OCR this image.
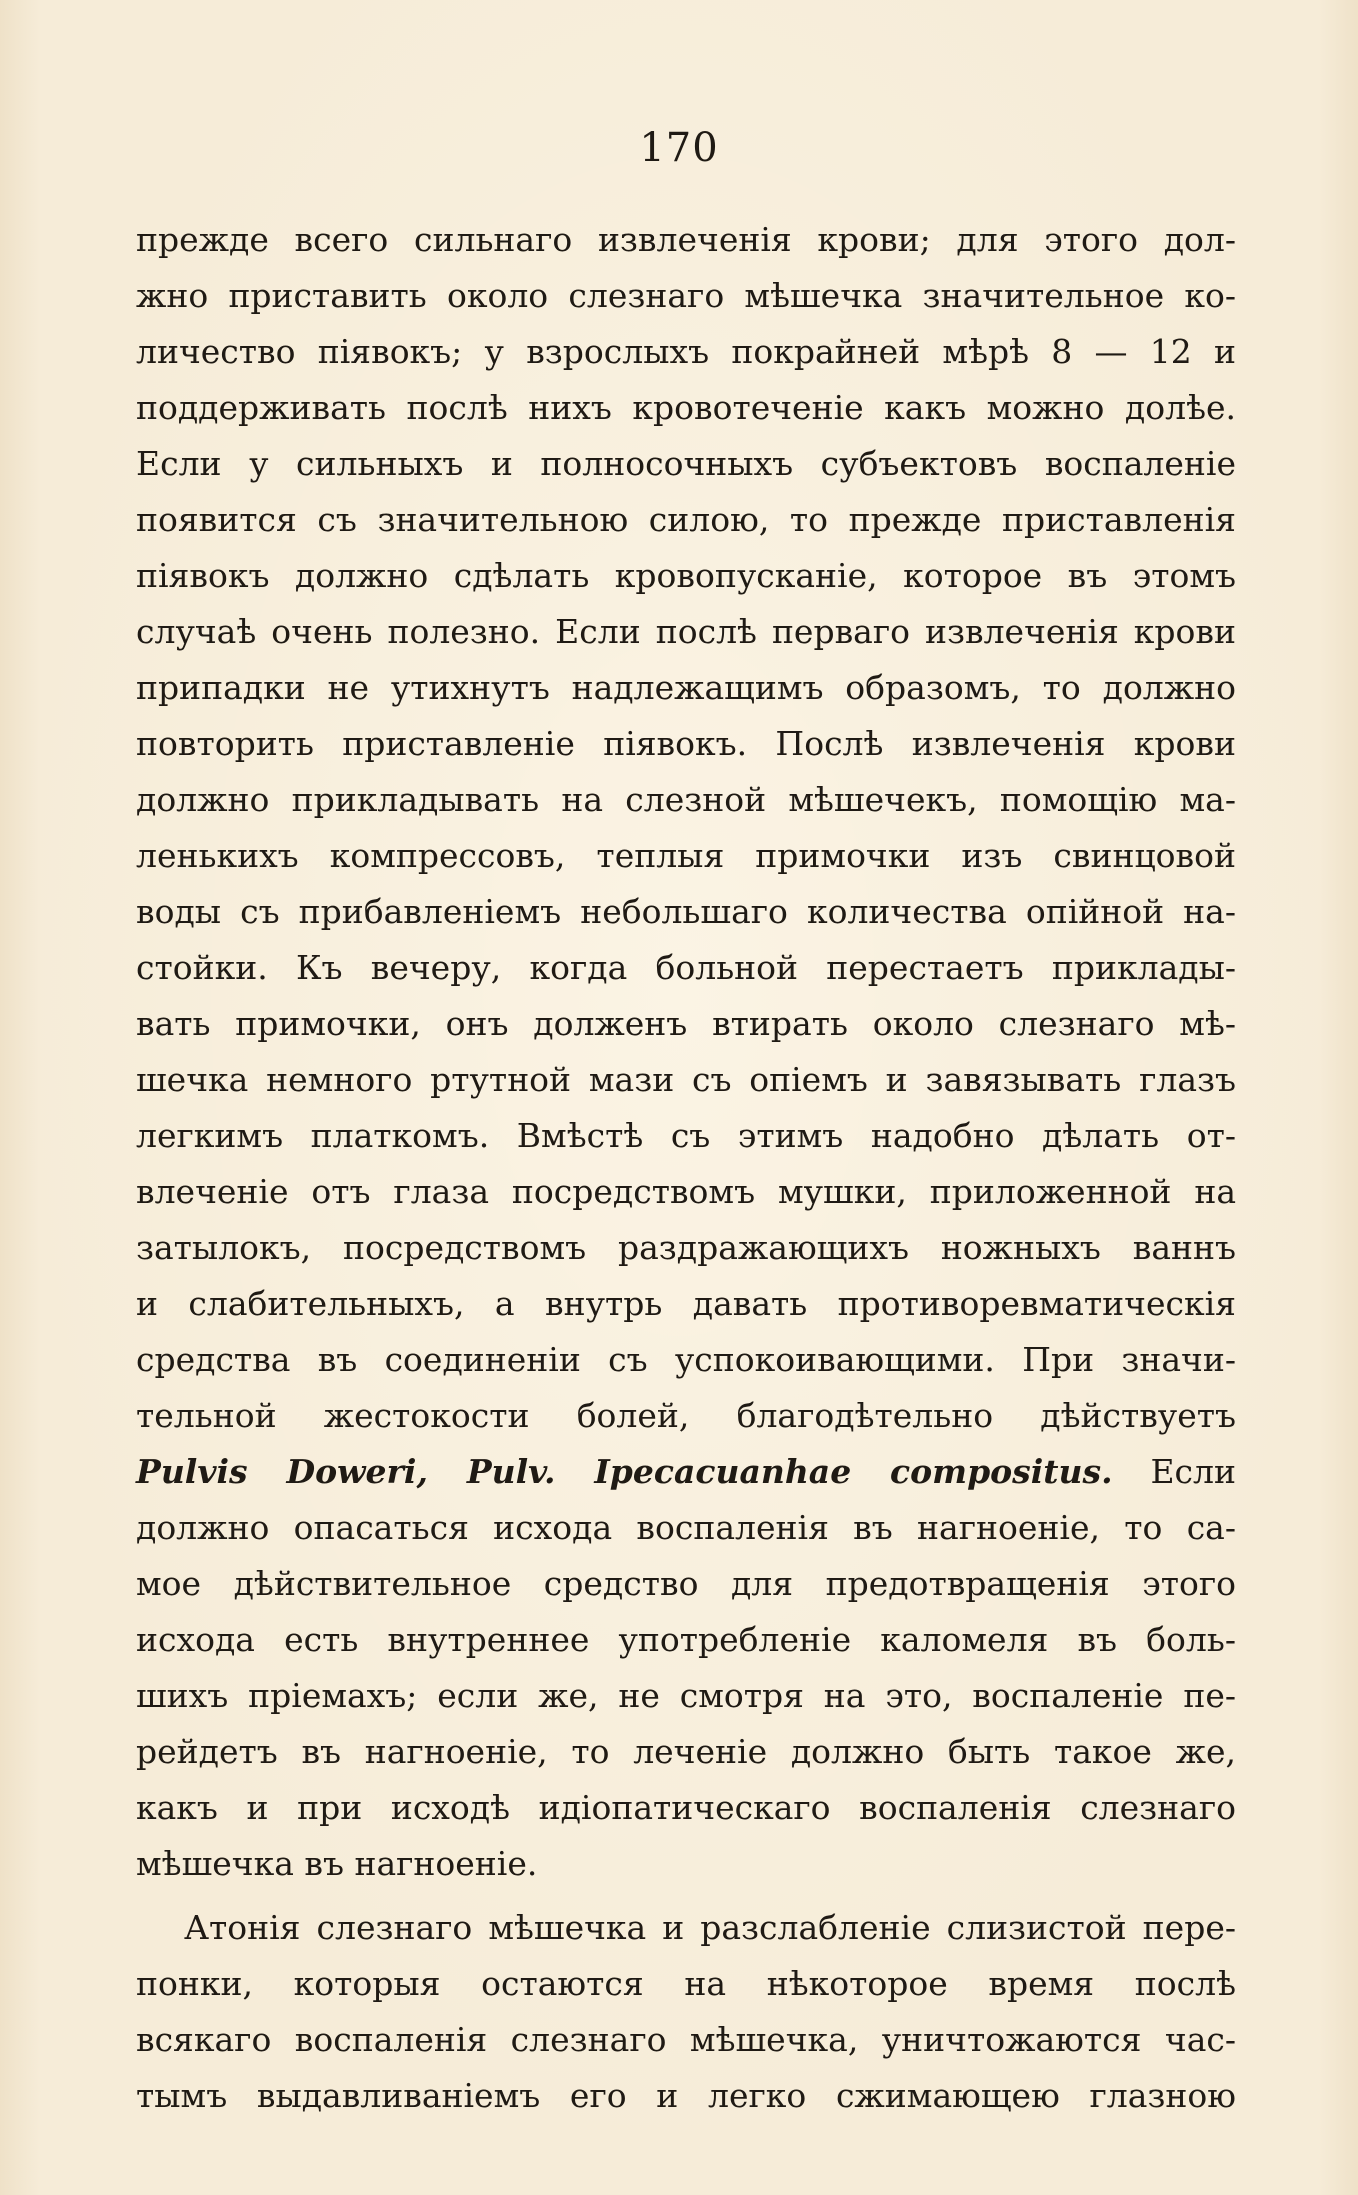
170
прежде всего сильнаго извлеченія крови; для этого дол-
жно приставить около слезнаго мѣшечка значительное ко-
личество піявокъ; у взрослыхъ покрайней мѣрѣ 8 — 12 и
поддерживать послѣ нихъ кровотеченіе какъ можно долѣе.
Если у сильныхъ и полносочныхъ субъектовъ воспаленіе
появится съ значительною силою, то прежде приставленія
піявокъ должно сдѣлать кровопусканіе, которое въ этомъ
случаѣ очень полезно. Если послѣ перваго извлеченія крови
припадки не утихнутъ надлежащимъ образомъ, то должно
повторить приставленіе піявокъ. Послѣ извлеченія крови
должно прикладывать на слезной мѣшечекъ, помощію ма-
ленькихъ компрессовъ, теплыя примочки изъ свинцовой
воды съ прибавленіемъ небольшаго количества опійной на-
стойки. Къ вечеру, когда больной перестаетъ приклады-
вать примочки, онъ долженъ втирать около слезнаго мѣ-
шечка немного ртутной мази съ опіемъ и завязывать глазъ
легкимъ платкомъ. Вмѣстѣ съ этимъ надобно дѣлать от-
влеченіе отъ глаза посредствомъ мушки, приложенной на
затылокъ, посредствомъ раздражающихъ ножныхъ ваннъ
и слабительныхъ, а внутрь давать противоревматическія
средства въ соединеніи съ успокоивающими. При значи-
тельной жестокости болей, благодѣтельно дѣйствуетъ
Pulvis Doweri, Pulv. Ipecacuanhae compositus. Если
должно опасаться исхода воспаленія въ нагноеніе, то са-
мое дѣйствительное средство для предотвращенія этого
исхода есть внутреннее употребленіе каломеля въ боль-
шихъ пріемахъ; если же, не смотря на это, воспаленіе пе-
рейдетъ въ нагноеніе, то леченіе должно быть такое же,
какъ и при исходѣ идіопатическаго воспаленія слезнаго
мѣшечка въ нагноеніе.
Атонія слезнаго мѣшечка и разслабленіе слизистой пере-
понки, которыя остаются на нѣкоторое время послѣ
всякаго воспаленія слезнаго мѣшечка, уничтожаются час-
тымъ выдавливаніемъ его и легко сжимающею глазною
